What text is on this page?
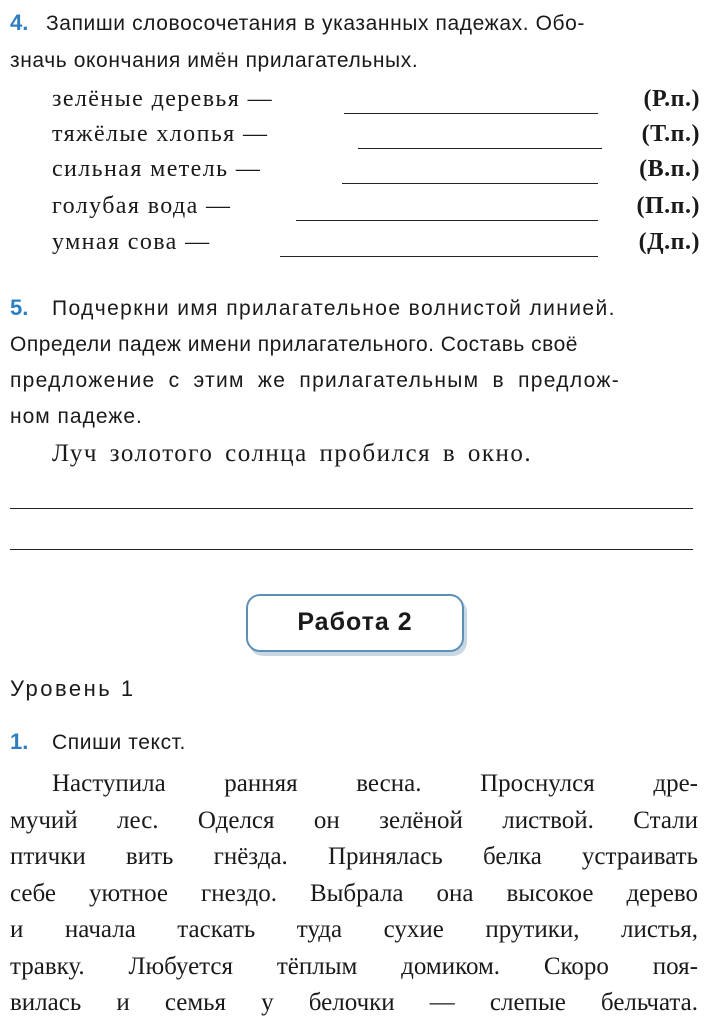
4. Запиши словосочетания в указанных падежах. Обо-
значь окончания имён прилагательных.
зелёные деревья —	(Р.п.)
тяжёлые хлопья —	(Т.п.)
сильная метель —	(В.п.)
голубая вода —	(П.п.)
умная сова —	(Д.п.)
5. Подчеркни имя прилагательное волнистой линией.
Определи падеж имени прилагательного. Составь своё
предложение с этим же прилагательным в предлож-
ном падеже.
Луч золотого солнца пробился в окно.
Работа 2
Уровень 1
1. Спиши текст.
Наступила ранняя весна. Проснулся дре-
мучий лес. Оделся он зелёной листвой. Стали
птички вить гнёзда. Принялась белка устраивать
себе уютное гнездо. Выбрала она высокое дерево
и начала таскать туда сухие прутики, листья,
травку. Любуется тёплым домиком. Скоро поя-
вилась и семья у белочки — слепые бельчата.
